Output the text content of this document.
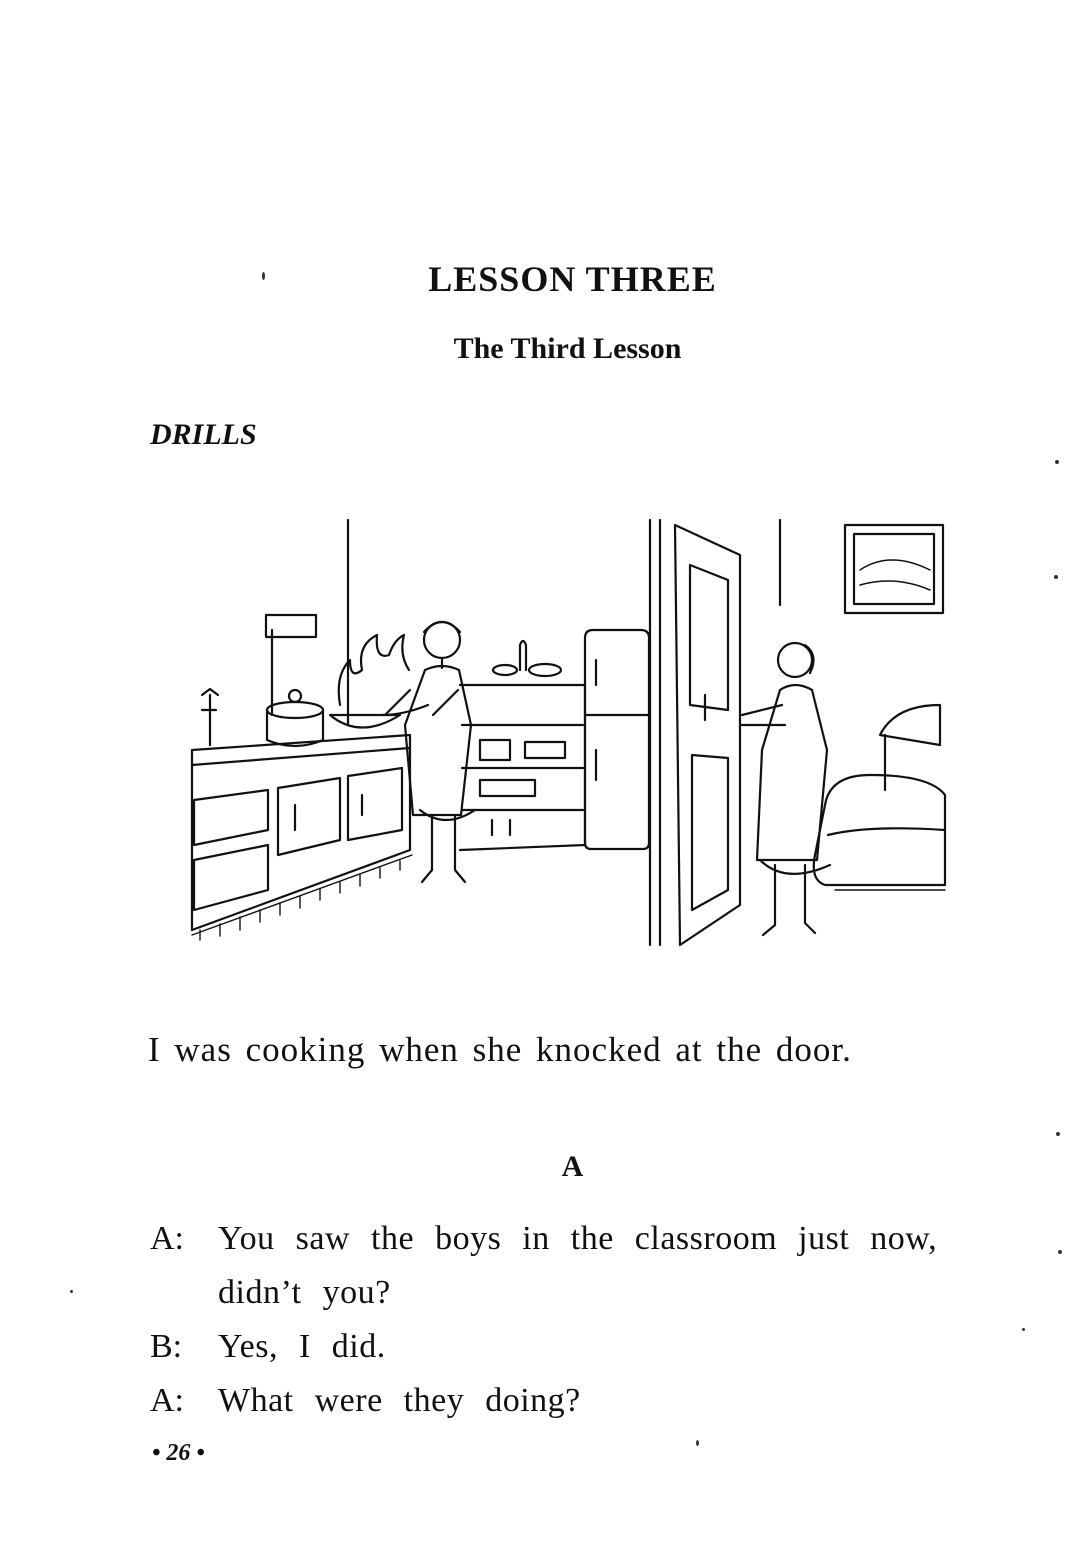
LESSON THREE
The Third Lesson
DRILLS
I was cooking when she knocked at the door.
A

A:	You saw the boys in the classroom just now, didn’t you?

B:	Yes, I did.

A:	What were they doing?

• 26 •
